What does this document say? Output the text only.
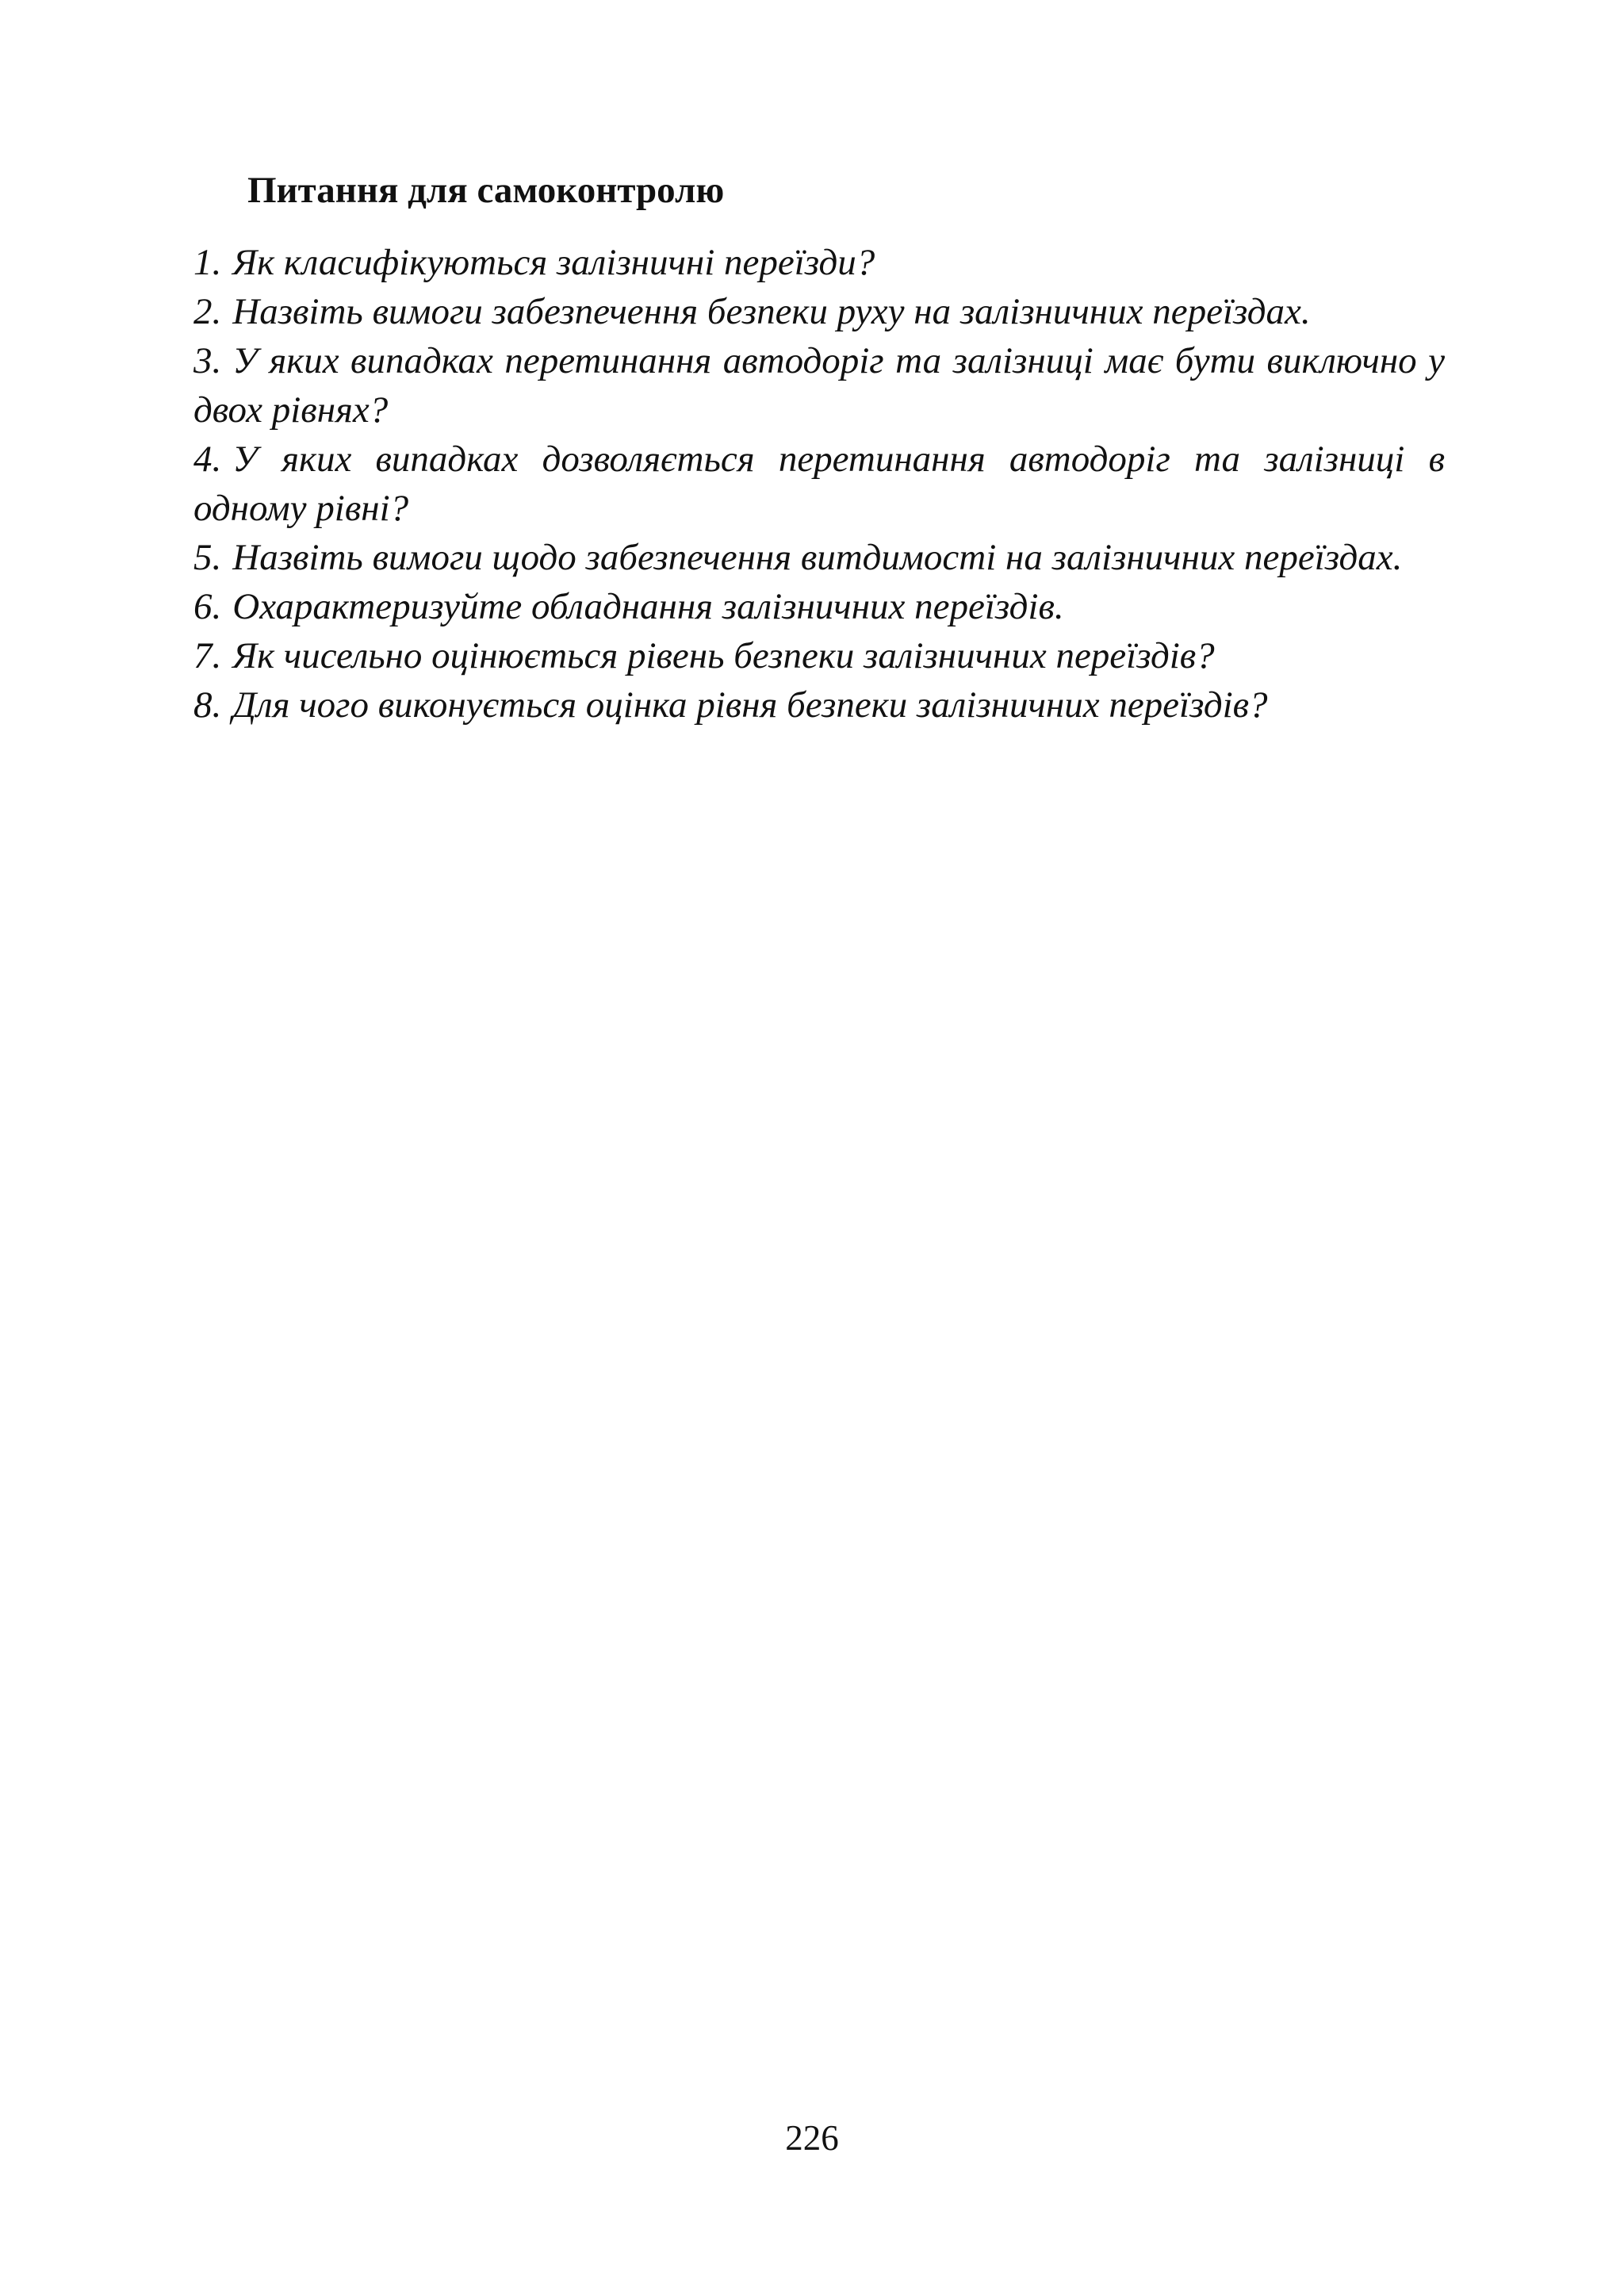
Питання для самоконтролю
1. Як класифікуються залізничні переїзди?
2. Назвіть вимоги забезпечення безпеки руху на залізничних переїздах.
3. У яких випадках перетинання автодоріг та залізниці має бути виключно у двох рівнях?
4. У яких випадках дозволяється перетинання автодоріг та залізниці в одному рівні?
5. Назвіть вимоги щодо забезпечення витдимості на залізничних переїздах.
6. Охарактеризуйте обладнання залізничних переїздів.
7. Як чисельно оцінюється рівень безпеки залізничних переїздів?
8. Для чого виконується оцінка рівня безпеки залізничних переїздів?

226
